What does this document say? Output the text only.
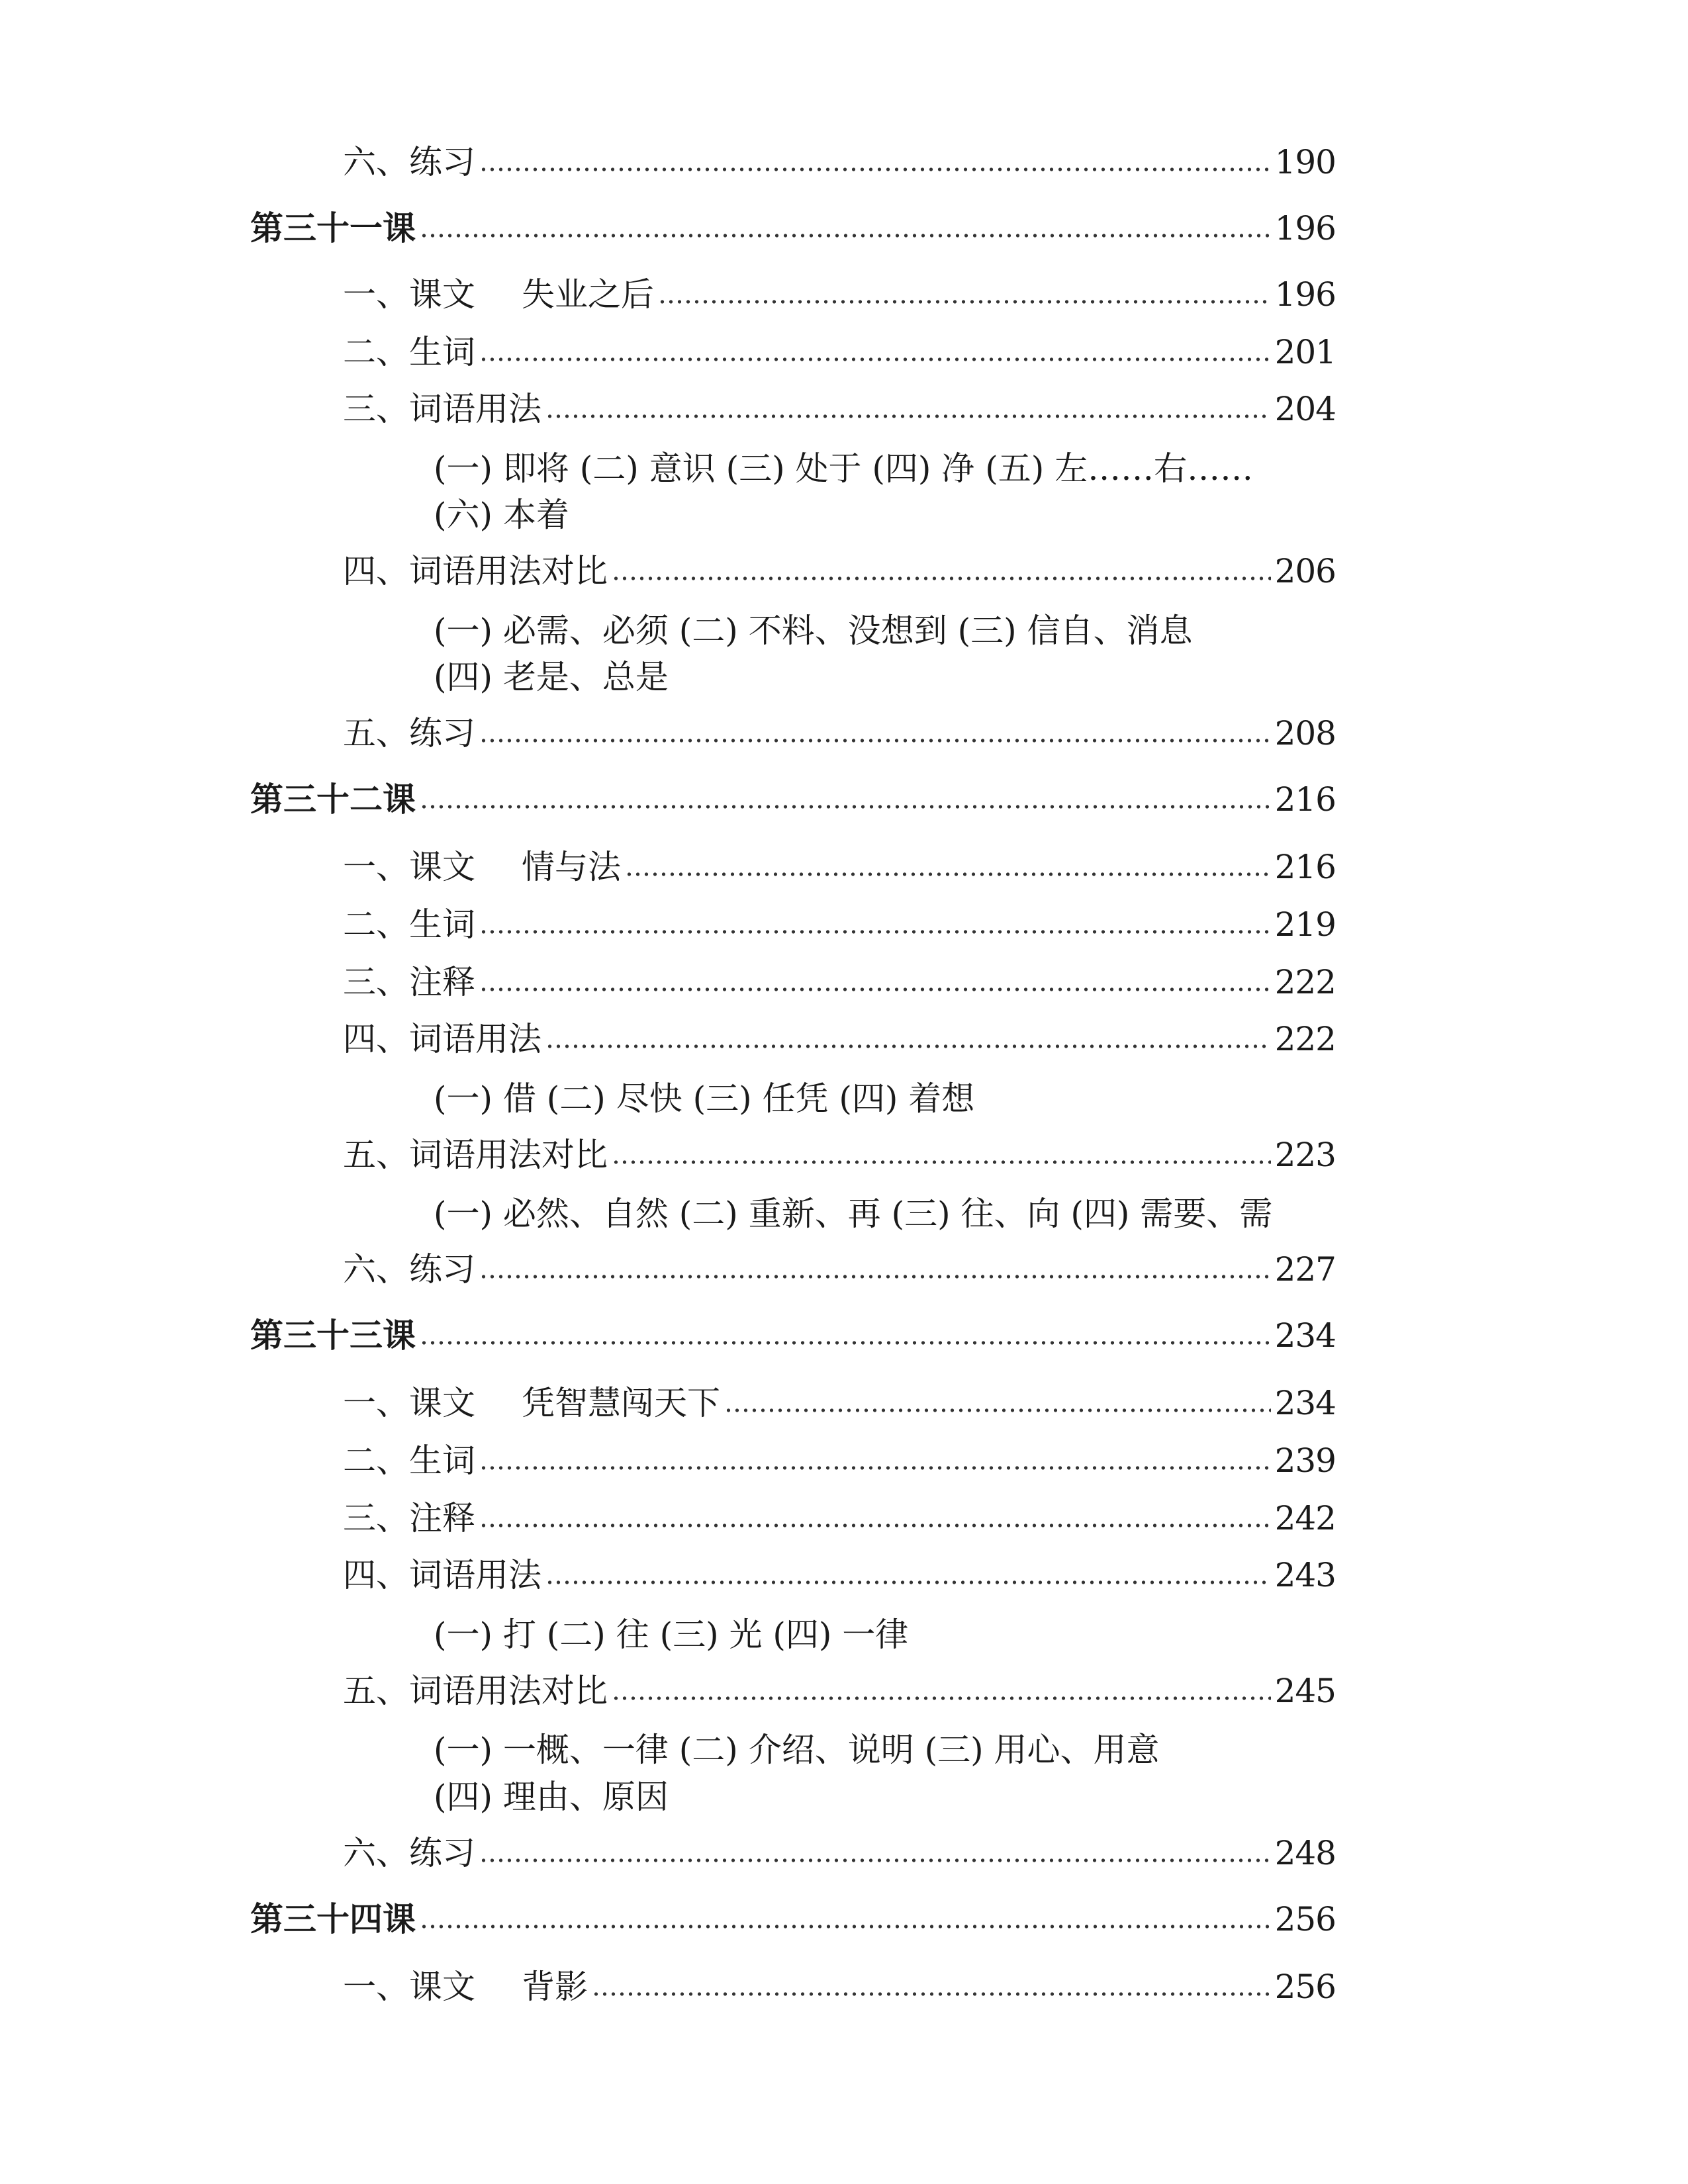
六、练习	190
第三十一课	196
一、课文 失业之后	196
二、生词	201
三、词语用法	204
(一) 即将 (二) 意识 (三) 处于 (四) 净 (五) 左……右……
(六) 本着
四、词语用法对比	206
(一) 必需、必须 (二) 不料、没想到 (三) 信自、消息
(四) 老是、总是
五、练习	208
第三十二课	216
一、课文 情与法	216
二、生词	219
三、注释	222
四、词语用法	222
(一) 借 (二) 尽快 (三) 任凭 (四) 着想
五、词语用法对比	223
(一) 必然、自然 (二) 重新、再 (三) 往、向 (四) 需要、需
六、练习	227
第三十三课	234
一、课文 凭智慧闯天下	234
二、生词	239
三、注释	242
四、词语用法	243
(一) 打 (二) 往 (三) 光 (四) 一律
五、词语用法对比	245
(一) 一概、一律 (二) 介绍、说明 (三) 用心、用意
(四) 理由、原因
六、练习	248
第三十四课	256
一、课文 背影	256
